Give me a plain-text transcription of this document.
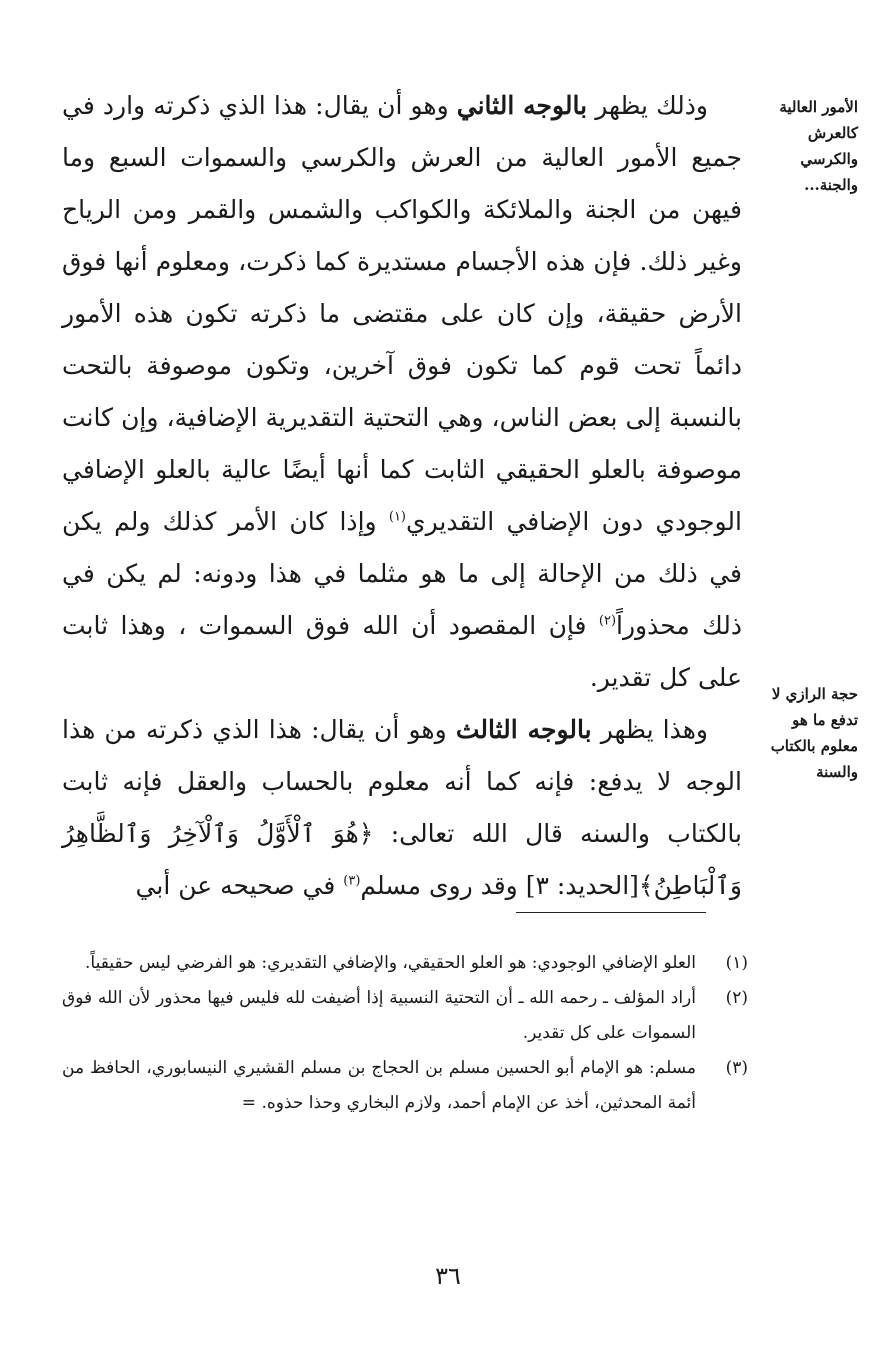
الأمور العالية كالعرش والكرسي والجنة...
حجة الرازي لا تدفع ما هو معلوم بالكتاب والسنة

وذلك يظهر بالوجه الثاني وهو أن يقال: هذا الذي ذكرته وارد في جميع الأمور العالية من العرش والكرسي والسموات السبع وما فيهن من الجنة والملائكة والكواكب والشمس والقمر ومن الرياح وغير ذلك. فإن هذه الأجسام مستديرة كما ذكرت، ومعلوم أنها فوق الأرض حقيقة، وإن كان على مقتضى ما ذكرته تكون هذه الأمور دائماً تحت قوم كما تكون فوق آخرين، وتكون موصوفة بالتحت بالنسبة إلى بعض الناس، وهي التحتية التقديرية الإضافية، وإن كانت موصوفة بالعلو الحقيقي الثابت كما أنها أيضًا عالية بالعلو الإضافي الوجودي دون الإضافي التقديري$^{(١)}$ وإذا كان الأمر كذلك ولم يكن في ذلك من الإحالة إلى ما هو مثلما في هذا ودونه: لم يكن في ذلك محذوراً$^{(٢)}$ فإن المقصود أن الله فوق السموات ، وهذا ثابت على كل تقدير.

وهذا يظهر بالوجه الثالث وهو أن يقال: هذا الذي ذكرته من هذا الوجه لا يدفع: فإنه كما أنه معلوم بالحساب والعقل فإنه ثابت بالكتاب والسنه قال الله تعالى: ﴿هُوَ ٱلْأَوَّلُ وَٱلْآخِرُ وَٱلظَّاهِرُ وَٱلْبَاطِنُ﴾[الحديد: ٣] وقد روى مسلم$^{(٣)}$ في صحيحه عن أبي

(١)
العلو الإضافي الوجودي: هو العلو الحقيقي، والإضافي التقديري: هو الفرضي ليس حقيقياً.
(٢)
أراد المؤلف ـ رحمه الله ـ أن التحتية النسبية إذا أضيفت لله فليس فيها محذور لأن الله فوق السموات على كل تقدير.
(٣)
مسلم: هو الإمام أبو الحسين مسلم بن الحجاج بن مسلم القشيري النيسابوري، الحافظ من أئمة المحدثين، أخذ عن الإمام أحمد، ولازم البخاري وحذا حذوه. =
٣٦
